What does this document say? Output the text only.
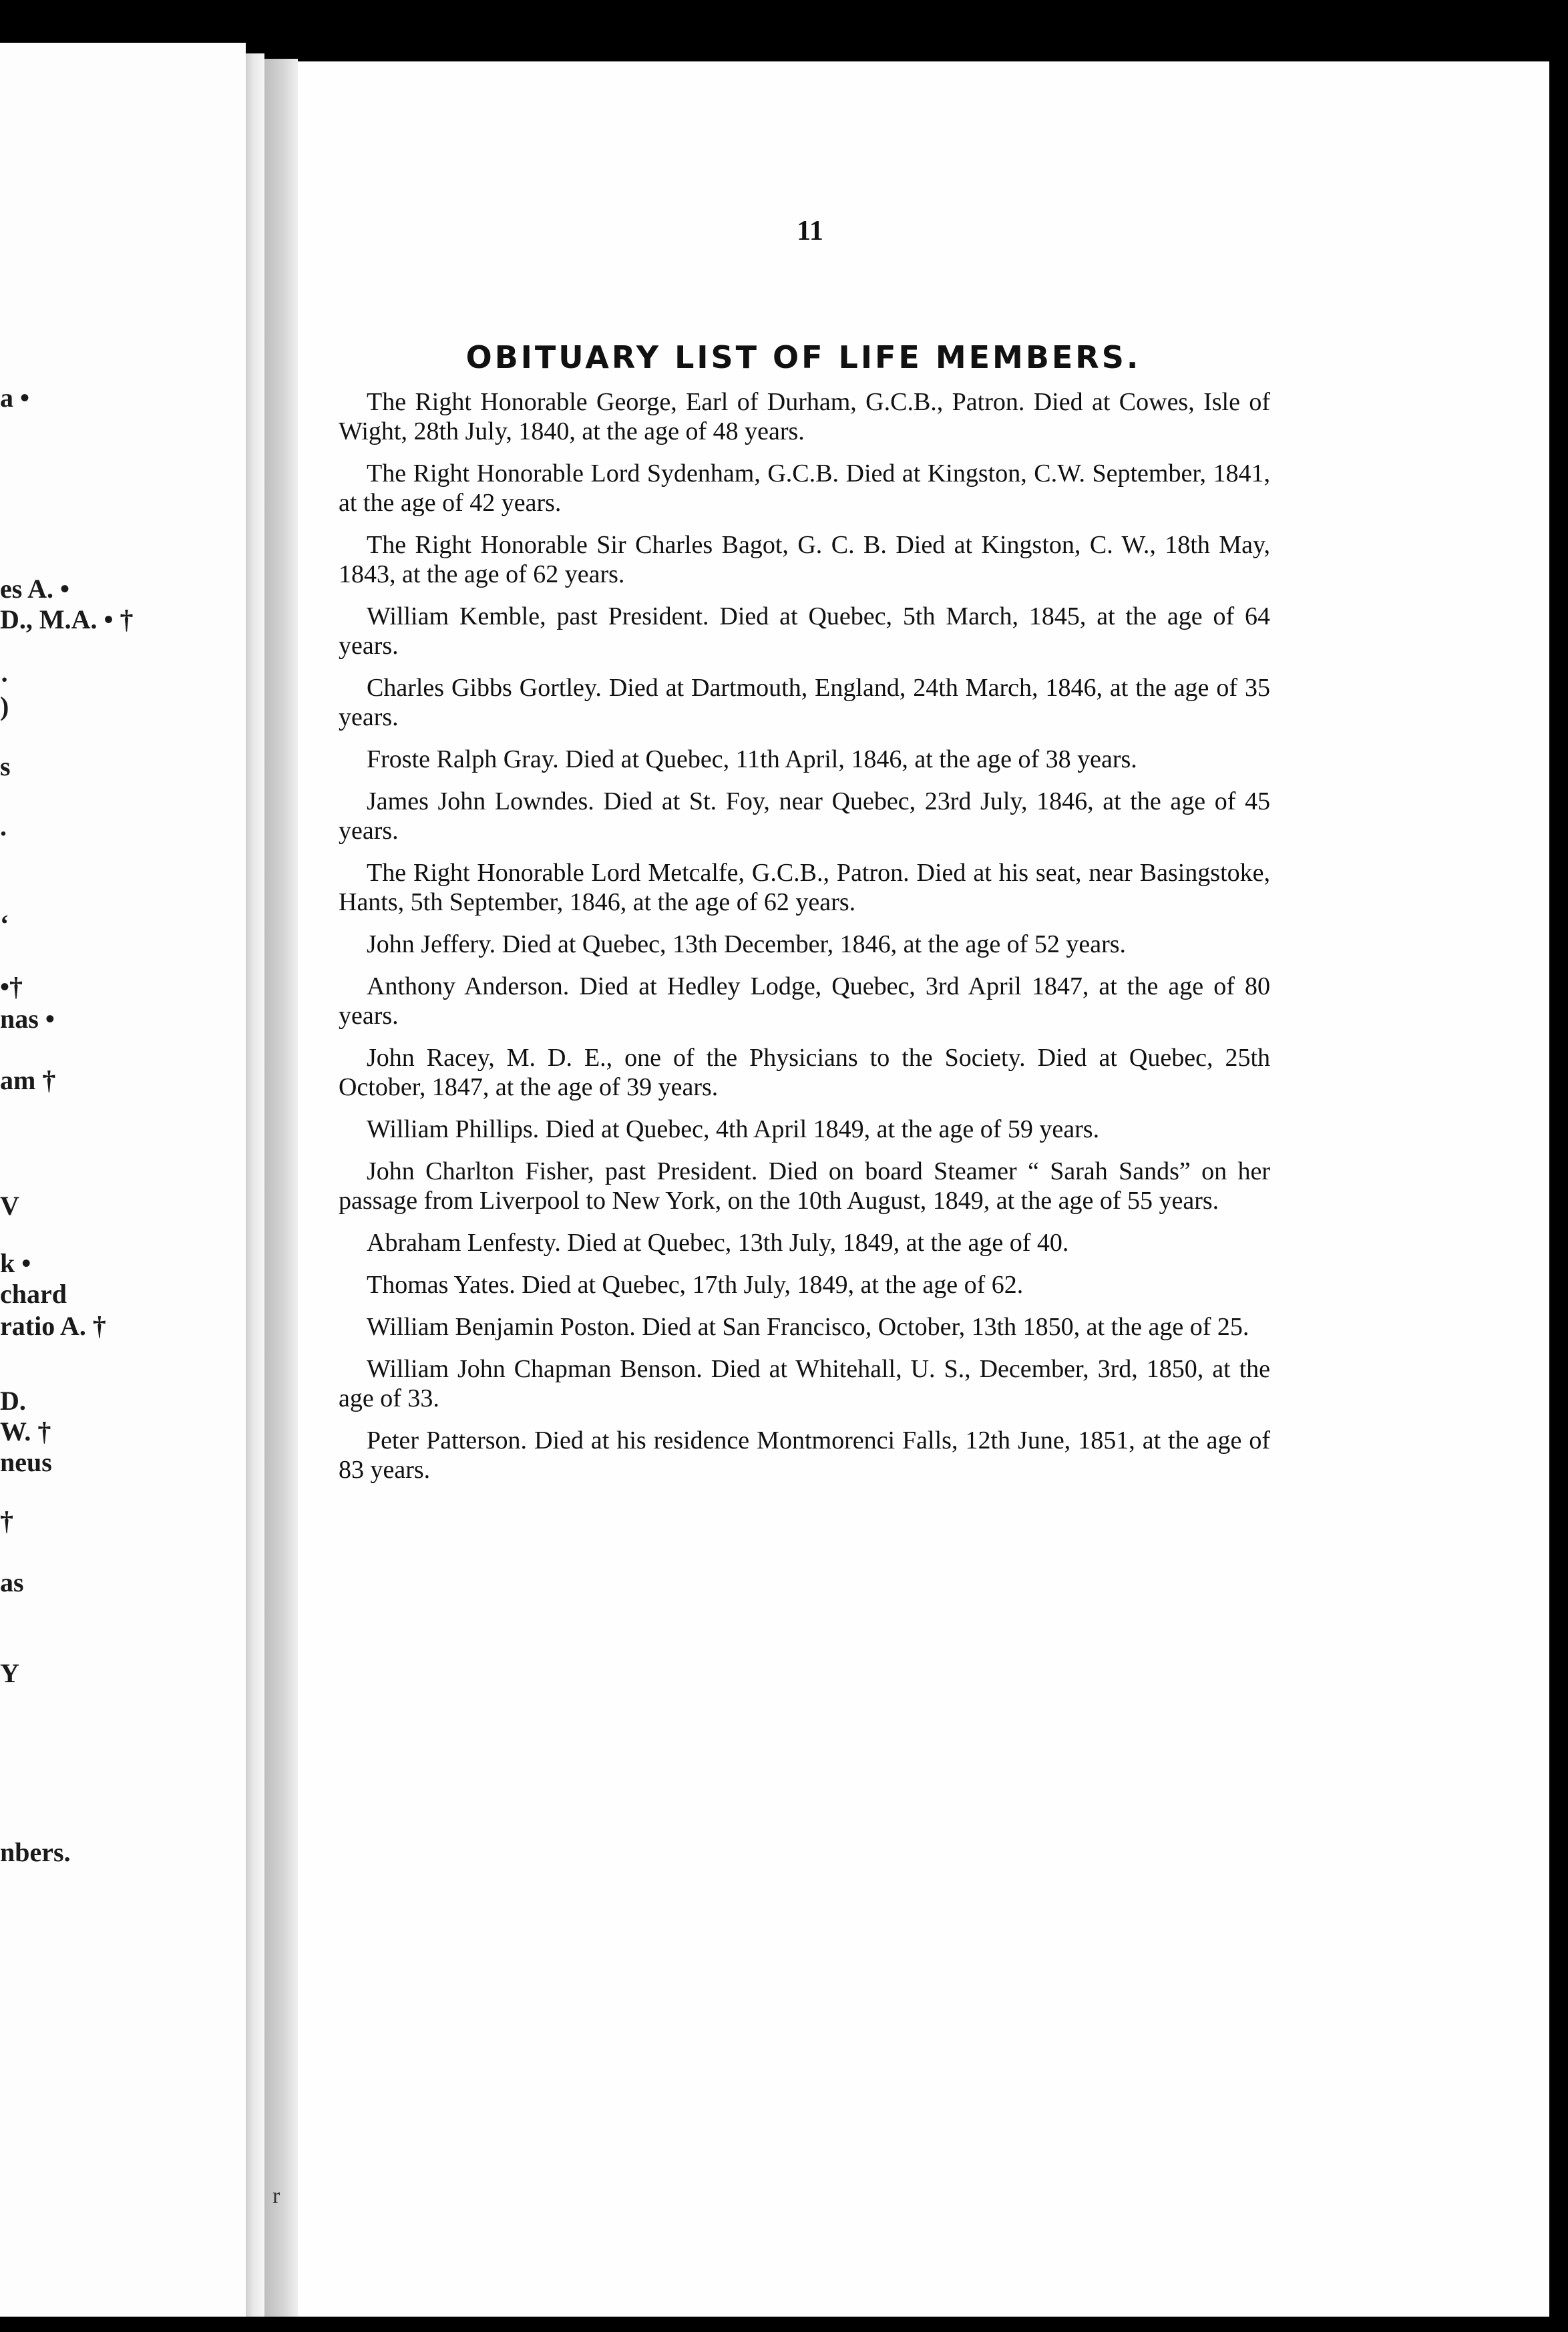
a •
es A. •
D., M.A. • †
·
)
s
.
‘
•†
nas •
am †
V
k •
chard
ratio A. †
D.
W. †
neus
†
as
Y
nbers.
11
OBITUARY LIST OF LIFE MEMBERS.

The Right Honorable George, Earl of Durham, G.C.B., Patron. Died at Cowes, Isle of Wight, 28th July, 1840, at the age of 48 years.

The Right Honorable Lord Sydenham, G.C.B. Died at Kingston, C.W. September, 1841, at the age of 42 years.

The Right Honorable Sir Charles Bagot, G. C. B. Died at Kingston, C. W., 18th May, 1843, at the age of 62 years.

William Kemble, past President. Died at Quebec, 5th March, 1845, at the age of 64 years.

Charles Gibbs Gortley. Died at Dartmouth, England, 24th March, 1846, at the age of 35 years.

Froste Ralph Gray. Died at Quebec, 11th April, 1846, at the age of 38 years.

James John Lowndes. Died at St. Foy, near Quebec, 23rd July, 1846, at the age of 45 years.

The Right Honorable Lord Metcalfe, G.C.B., Patron. Died at his seat, near Basingstoke, Hants, 5th September, 1846, at the age of 62 years.

John Jeffery. Died at Quebec, 13th December, 1846, at the age of 52 years.

Anthony Anderson. Died at Hedley Lodge, Quebec, 3rd April 1847, at the age of 80 years.

John Racey, M. D. E., one of the Physicians to the Society. Died at Quebec, 25th October, 1847, at the age of 39 years.

William Phillips. Died at Quebec, 4th April 1849, at the age of 59 years.

John Charlton Fisher, past President. Died on board Steamer “ Sarah Sands” on her passage from Liverpool to New York, on the 10th August, 1849, at the age of 55 years.

Abraham Lenfesty. Died at Quebec, 13th July, 1849, at the age of 40.

Thomas Yates. Died at Quebec, 17th July, 1849, at the age of 62.

William Benjamin Poston. Died at San Francisco, October, 13th 1850, at the age of 25.

William John Chapman Benson. Died at Whitehall, U. S., December, 3rd, 1850, at the age of 33.

Peter Patterson. Died at his residence Montmorenci Falls, 12th June, 1851, at the age of 83 years.

r
